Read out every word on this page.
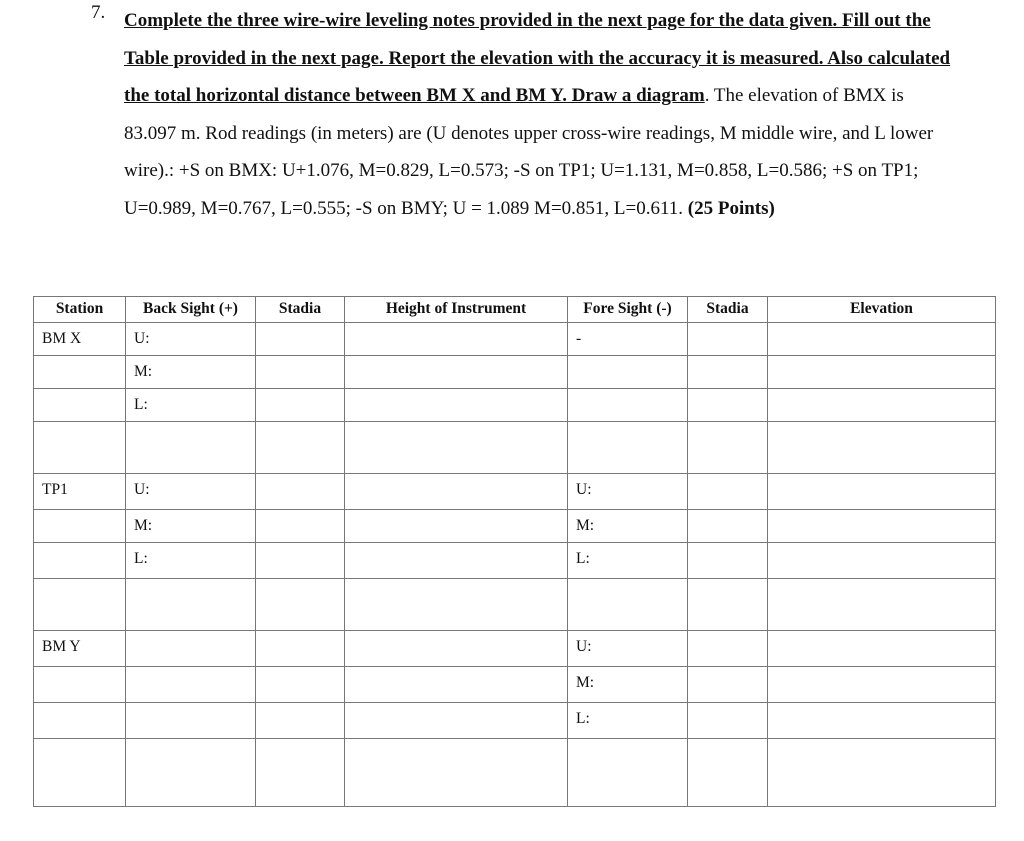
7. Complete the three wire-wire leveling notes provided in the next page for the data given. Fill out the Table provided in the next page. Report the elevation with the accuracy it is measured. Also calculated the total horizontal distance between BM X and BM Y. Draw a diagram. The elevation of BMX is 83.097 m. Rod readings (in meters) are (U denotes upper cross-wire readings, M middle wire, and L lower wire).: +S on BMX: U+1.076, M=0.829, L=0.573; -S on TP1; U=1.131, M=0.858, L=0.586; +S on TP1; U=0.989, M=0.767, L=0.555; -S on BMY; U = 1.089 M=0.851, L=0.611. (25 Points)
Station	Back Sight (+)	Stadia	Height of Instrument	Fore Sight (-)	Stadia	Elevation
BM X	U:			-		
	M:					
	L:					

TP1	U:			U:		
	M:			M:		
	L:			L:		

BM Y				U:		
				M:		
				L:		
